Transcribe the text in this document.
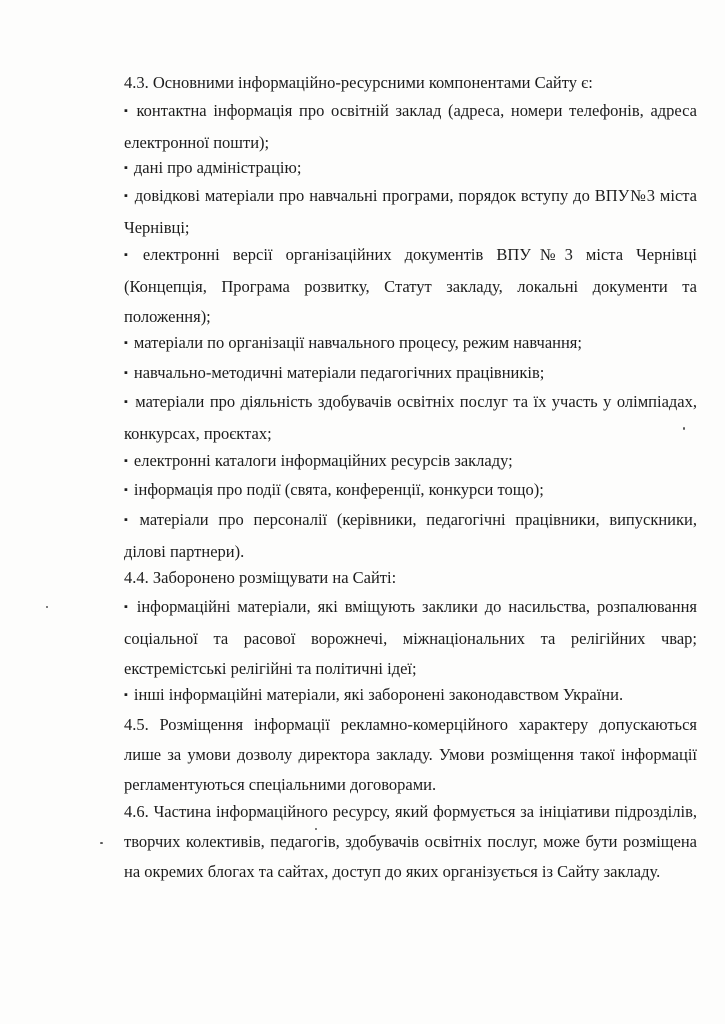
4.3. Основними інформаційно-ресурсними компонентами Сайту є:

▪ контактна інформація про освітній заклад (адреса, номери телефонів, адреса електронної пошти);

▪ дані про адміністрацію;

▪ довідкові матеріали про навчальні програми, порядок вступу до ВПУ№3 міста Чернівці;

▪ електронні версії організаційних документів ВПУ№3 міста Чернівці (Концепція, Програма розвитку, Статут закладу, локальні документи та положення);

▪ матеріали по організації навчального процесу, режим навчання;

▪ навчально-методичні матеріали педагогічних працівників;

▪ матеріали про діяльність здобувачів освітніх послуг та їх участь у олімпіадах, конкурсах, проєктах;

▪ електронні каталоги інформаційних ресурсів закладу;

▪ інформація про події (свята, конференції, конкурси тощо);

▪ матеріали про персоналії (керівники, педагогічні працівники, випускники, ділові партнери).

4.4. Заборонено розміщувати на Сайті:

▪ інформаційні матеріали, які вміщують заклики до насильства, розпалювання соціальної та расової ворожнечі, міжнаціональних та релігійних чвар; екстремістські релігійні та політичні ідеї;

▪ інші інформаційні матеріали, які заборонені законодавством України.

4.5. Розміщення інформації рекламно-комерційного характеру допускаються лише за умови дозволу директора закладу. Умови розміщення такої інформації регламентуються спеціальними договорами.

4.6. Частина інформаційного ресурсу, який формується за ініціативи підрозділів, творчих колективів, педагогів, здобувачів освітніх послуг, може бути розміщена на окремих блогах та сайтах, доступ до яких організується із Сайту закладу.
